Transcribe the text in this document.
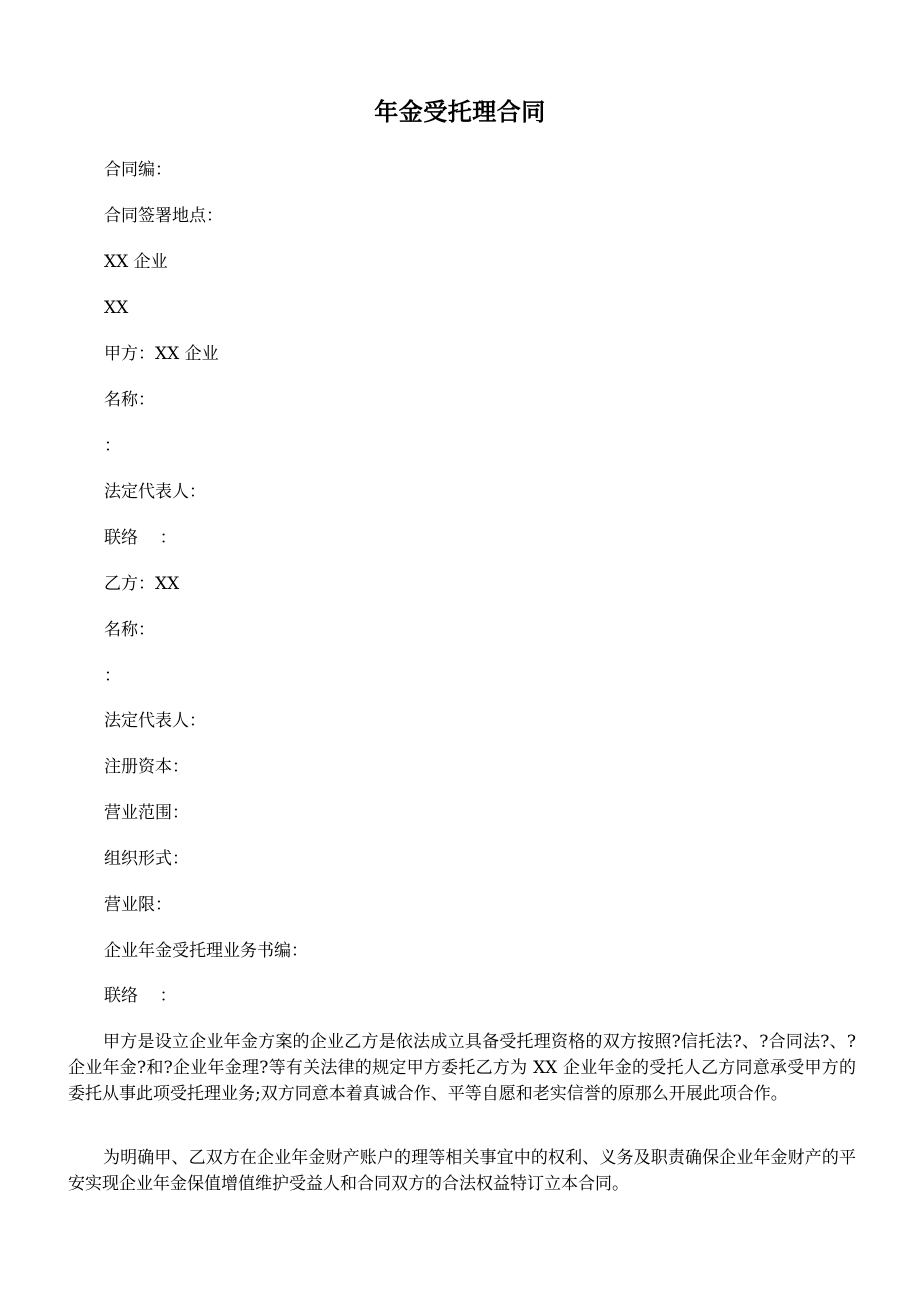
年金受托理合同
合同编：
合同签署地点：
XX 企业
XX
甲方：XX 企业
名称：
：
法定代表人：
联络    ：
乙方：XX
名称：
：
法定代表人：
注册资本：
营业范围：
组织形式：
营业限：
企业年金受托理业务书编：
联络    ：

甲方是设立企业年金方案的企业乙方是依法成立具备受托理资格的双方按照?信托法?、?合同法?、?企业年金?和?企业年金理?等有关法律的规定甲方委托乙方为 XX 企业年金的受托人乙方同意承受甲方的委托从事此项受托理业务;双方同意本着真诚合作、平等自愿和老实信誉的原那么开展此项合作。

为明确甲、乙双方在企业年金财产账户的理等相关事宜中的权利、义务及职责确保企业年金财产的平安实现企业年金保值增值维护受益人和合同双方的合法权益特订立本合同。
